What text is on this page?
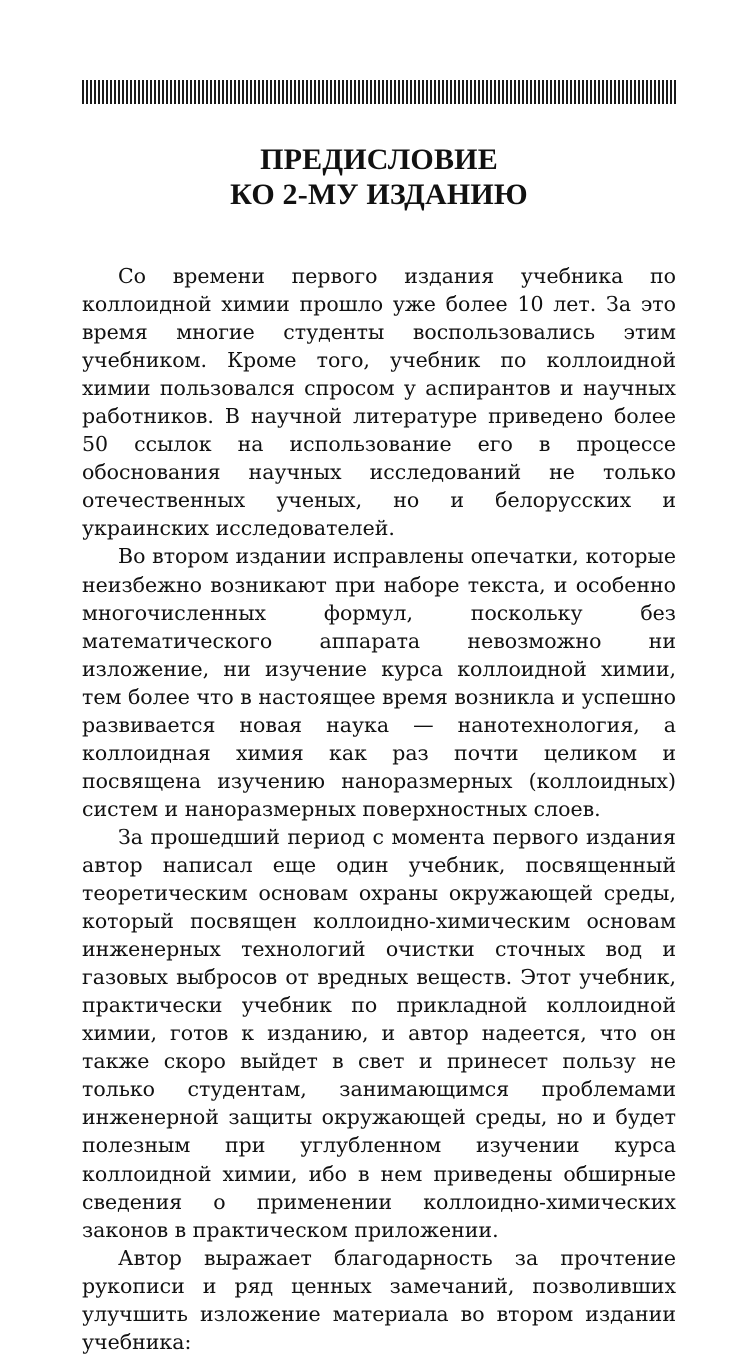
ПРЕДИСЛОВИЕ
КО 2-МУ ИЗДАНИЮ

Со времени первого издания учебника по коллоидной химии прошло уже более 10 лет. За это время многие студенты воспользовались этим учебником. Кроме того, учебник по коллоидной химии пользовался спросом у аспирантов и научных работников. В научной литературе приведено более 50 ссылок на использование его в процессе обоснования научных исследований не только отечественных ученых, но и белорусских и украинских исследователей.

Во втором издании исправлены опечатки, которые неизбежно возникают при наборе текста, и особенно многочисленных формул, поскольку без математического аппарата невозможно ни изложение, ни изучение курса коллоидной химии, тем более что в настоящее время возникла и успешно развивается новая наука — нанотехнология, а коллоидная химия как раз почти целиком и посвящена изучению наноразмерных (коллоидных) систем и наноразмерных поверхностных слоев.

За прошедший период с момента первого издания автор написал еще один учебник, посвященный теоретическим основам охраны окружающей среды, который посвящен коллоидно-химическим основам инженерных технологий очистки сточных вод и газовых выбросов от вредных веществ. Этот учебник, практически учебник по прикладной коллоидной химии, готов к изданию, и автор надеется, что он также скоро выйдет в свет и принесет пользу не только студентам, занимающимся проблемами инженерной защиты окружающей среды, но и будет полезным при углубленном изучении курса коллоидной химии, ибо в нем приведены обширные сведения о применении коллоидно-химических законов в практическом приложении.

Автор выражает благодарность за прочтение рукописи и ряд ценных замечаний, позволивших улучшить изложение материала во втором издании учебника:
